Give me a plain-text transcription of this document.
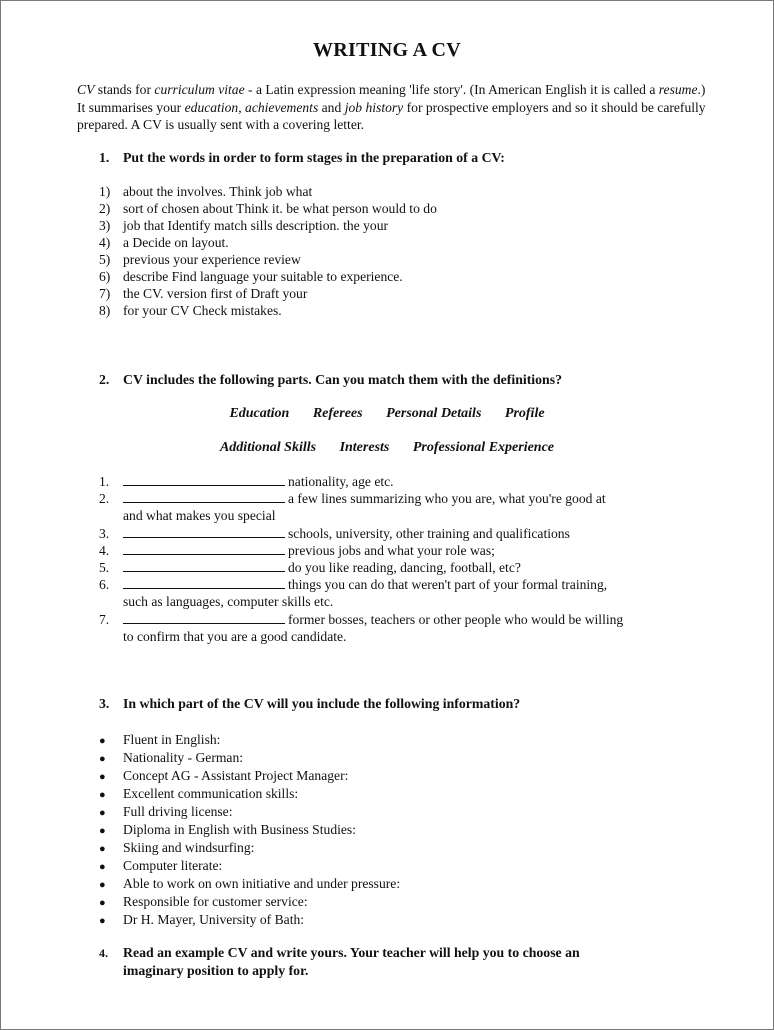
WRITING A CV
CV stands for curriculum vitae - a Latin expression meaning 'life story'. (In American English it is called a resume.) It summarises your education, achievements and job history for prospective employers and so it should be carefully prepared. A CV is usually sent with a covering letter.
1. Put the words in order to form stages in the preparation of a CV:
1) about the involves. Think job what
2) sort of chosen about Think it. be what person would to do
3) job that Identify match sills description. the your
4) a Decide on layout.
5) previous your experience review
6) describe Find language your suitable to experience.
7) the CV. version first of Draft your
8) for your CV Check mistakes.
2. CV includes the following parts. Can you match them with the definitions?
Education Referees Personal Details Profile
Additional Skills Interests Professional Experience
1.	nationality, age etc.
2.	a few lines summarizing who you are, what you're good at
and what makes you special
3.	schools, university, other training and qualifications
4.	previous jobs and what your role was;
5.	do you like reading, dancing, football, etc?
6.	things you can do that weren't part of your formal training,
such as languages, computer skills etc.
7.	former bosses, teachers or other people who would be willing
to confirm that you are a good candidate.
3. In which part of the CV will you include the following information?
● Fluent in English:
● Nationality - German:
● Concept AG - Assistant Project Manager:
● Excellent communication skills:
● Full driving license:
● Diploma in English with Business Studies:
● Skiing and windsurfing:
● Computer literate:
● Able to work on own initiative and under pressure:
● Responsible for customer service:
● Dr H. Mayer, University of Bath:
4. Read an example CV and write yours. Your teacher will help you to choose an
imaginary position to apply for.
